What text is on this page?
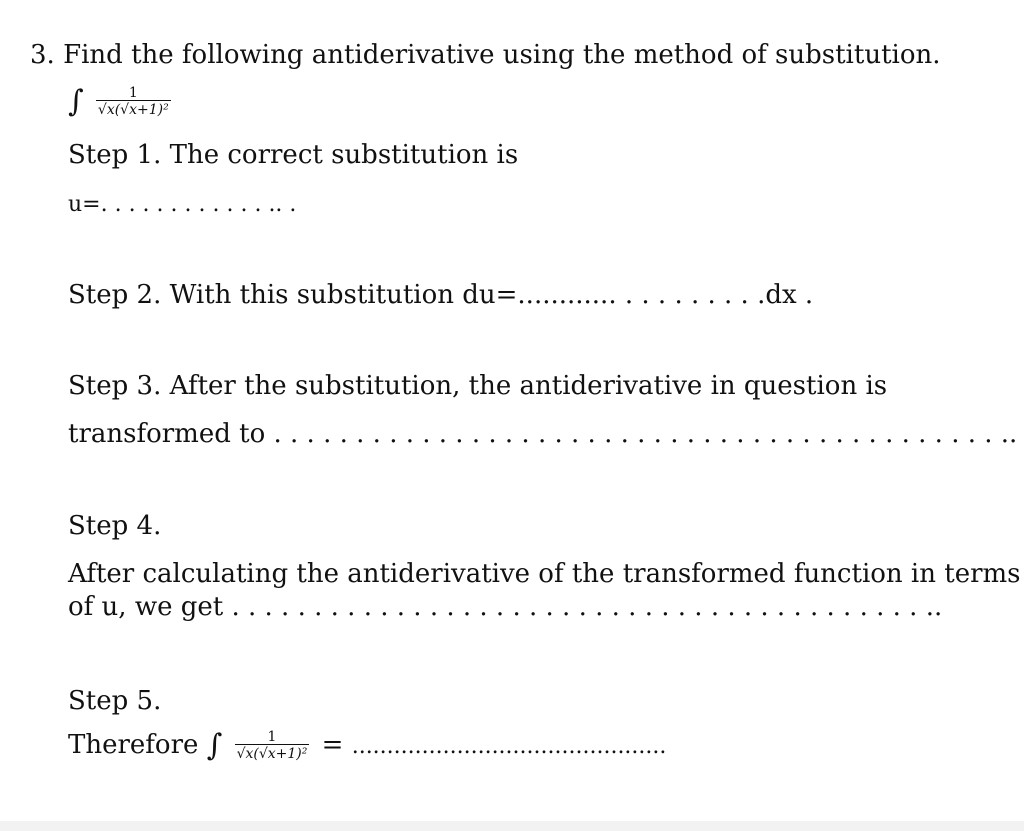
3. Find the following antiderivative using the method of substitution.
∫ $\frac{1}{\text{√x(√x+1)²}}$
Step 1. The correct substitution is
u=. . . . . . . . . . . . .. .
Step 2. With this substitution du=............ . . . . . . . . .dx .
Step 3. After the substitution, the antiderivative in question is
transformed to . . . . . . . . . . . . . . . . . . . . . . . . . . . . . . . . . . . . . . . . . . . . ..
Step 4.
After calculating the antiderivative of the transformed function in terms
of u, we get . . . . . . . . . . . . . . . . . . . . . . . . . . . . . . . . . . . . . . . . . . ..
Step 5.
Therefore ∫ $\frac{1}{\text{√x(√x+1)²}}$ = .............................................
